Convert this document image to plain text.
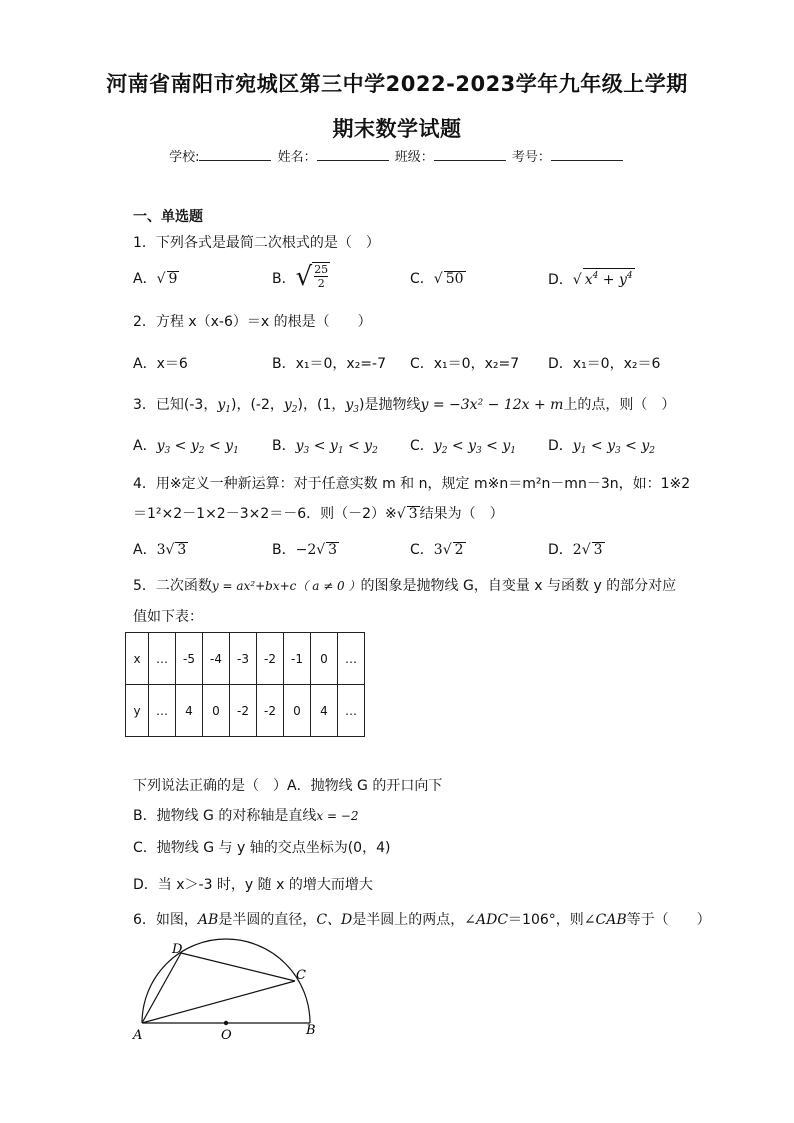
河南省南阳市宛城区第三中学2022-2023学年九年级上学期
期末数学试题
学校:	姓名：	班级：	考号：
一、单选题
1．下列各式是最简二次根式的是（　）
A．√ 9	B．√ $\frac{25}{2}$	C．√ 50	D．√ $x^4 + y^4$
2．方程 x（x-6）＝x 的根是（　　）
A．x＝6	B．x₁＝0，x₂=-7 C．x₁＝0，x₂=7 D．x₁＝0，x₂＝6
3．已知(-3，$y_1$)，(-2，$y_2$)，(1，$y_3$)是抛物线y = −3x² − 12x + m上的点，则（　）
A．$y_3 < y_2 < y_1$ B．$y_3 < y_1 < y_2$ C．$y_2 < y_3 < y_1$ D．$y_1 < y_3 < y_2$
4．用※定义一种新运算：对于任意实数 m 和 n，规定 m※n＝m²n－mn－3n，如：1※2
＝1²×2－1×2－3×2＝－6．则（－2）※√ 3 结果为（　）
A．3√ 3	B．−2√ 3	C．3√ 2	D．2√ 3
5．二次函数y = ax²+bx+c（ a ≠ 0 ）的图象是抛物线 G，自变量 x 与函数 y 的部分对应
值如下表：
x	…	-5	-4	-3	-2	-1	0	…
y	…	4	0	-2	-2	0	4	…
下列说法正确的是（　）A．抛物线 G 的开口向下
B．抛物线 G 的对称轴是直线x = −2
C．抛物线 G 与 y 轴的交点坐标为(0，4)
D．当 x＞-3 时，y 随 x 的增大而增大
6．如图，AB是半圆的直径，C、D是半圆上的两点，∠ADC＝106°，则∠CAB等于（　　）
A	B
C
D
O
